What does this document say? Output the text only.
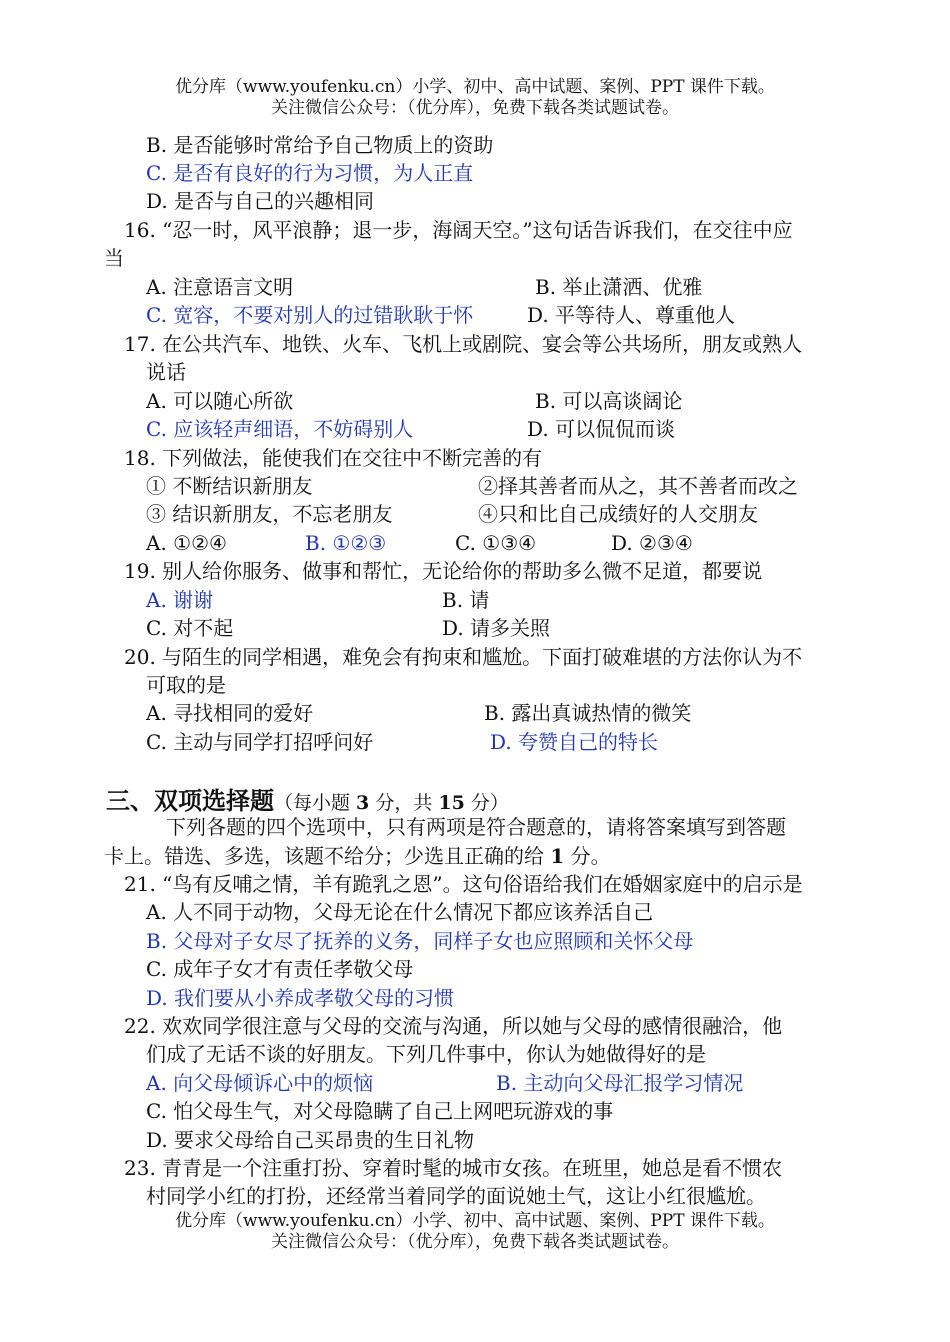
优分库（www.youfenku.cn）小学、初中、高中试题、案例、PPT 课件下载。
关注微信公众号：（优分库），免费下载各类试题试卷。
B. 是否能够时常给予自己物质上的资助
C. 是否有良好的行为习惯，为人正直
D. 是否与自己的兴趣相同
16. “忍一时，风平浪静；退一步，海阔天空。”这句话告诉我们，在交往中应
当
A. 注意语言文明	B. 举止潇洒、优雅
C. 宽容，不要对别人的过错耿耿于怀	D. 平等待人、尊重他人
17. 在公共汽车、地铁、火车、飞机上或剧院、宴会等公共场所，朋友或熟人
说话
A. 可以随心所欲	B. 可以高谈阔论
C. 应该轻声细语，不妨碍别人	D. 可以侃侃而谈
18. 下列做法，能使我们在交往中不断完善的有
① 不断结识新朋友	②择其善者而从之，其不善者而改之
③ 结识新朋友，不忘老朋友	④只和比自己成绩好的人交朋友
A. ①②④	B. ①②③	C. ①③④	D. ②③④
19. 别人给你服务、做事和帮忙，无论给你的帮助多么微不足道，都要说
A. 谢谢	B. 请
C. 对不起	D. 请多关照
20. 与陌生的同学相遇，难免会有拘束和尴尬。下面打破难堪的方法你认为不
可取的是
A. 寻找相同的爱好	B. 露出真诚热情的微笑
C. 主动与同学打招呼问好	D. 夸赞自己的特长
三、双项选择题（每小题 3 分，共 15 分）
下列各题的四个选项中，只有两项是符合题意的，请将答案填写到答题
卡上。错选、多选，该题不给分；少选且正确的给 1 分。
21. “鸟有反哺之情，羊有跪乳之恩”。这句俗语给我们在婚姻家庭中的启示是
A. 人不同于动物，父母无论在什么情况下都应该养活自己
B. 父母对子女尽了抚养的义务，同样子女也应照顾和关怀父母
C. 成年子女才有责任孝敬父母
D. 我们要从小养成孝敬父母的习惯
22. 欢欢同学很注意与父母的交流与沟通，所以她与父母的感情很融洽，他
们成了无话不谈的好朋友。下列几件事中，你认为她做得好的是
A. 向父母倾诉心中的烦恼	B. 主动向父母汇报学习情况
C. 怕父母生气，对父母隐瞒了自己上网吧玩游戏的事
D. 要求父母给自己买昂贵的生日礼物
23. 青青是一个注重打扮、穿着时髦的城市女孩。在班里，她总是看不惯农
村同学小红的打扮，还经常当着同学的面说她土气，这让小红很尴尬。
优分库（www.youfenku.cn）小学、初中、高中试题、案例、PPT 课件下载。
关注微信公众号：（优分库），免费下载各类试题试卷。
